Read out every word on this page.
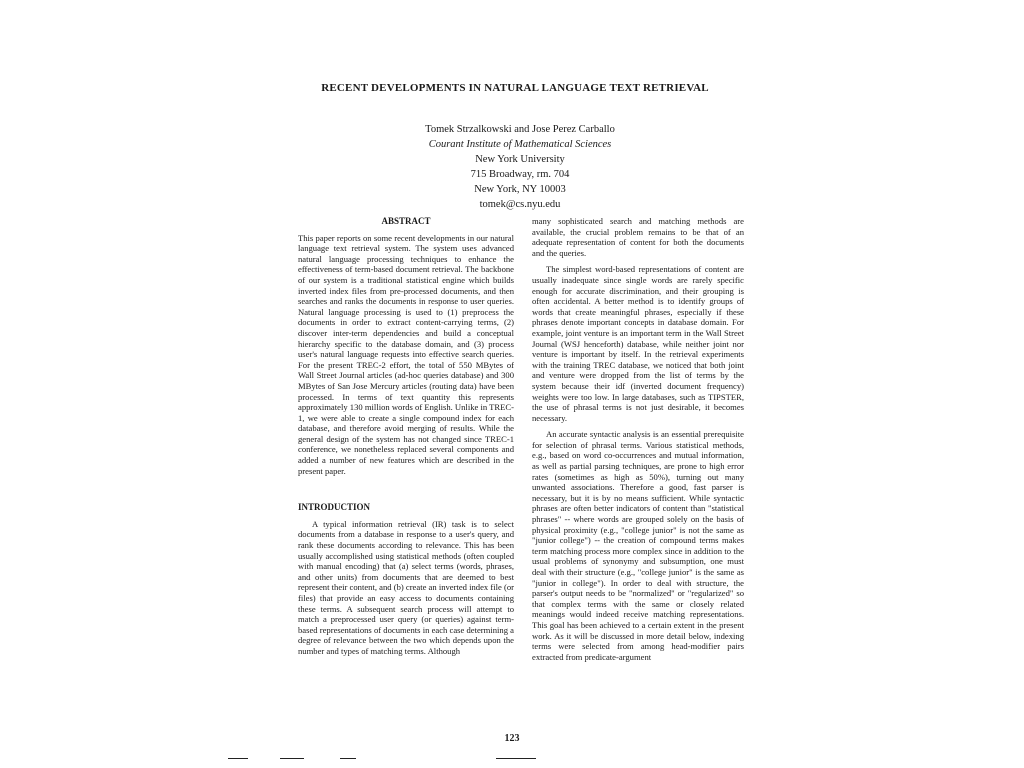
RECENT DEVELOPMENTS IN NATURAL LANGUAGE TEXT RETRIEVAL
Tomek Strzalkowski and Jose Perez Carballo
Courant Institute of Mathematical Sciences
New York University
715 Broadway, rm. 704
New York, NY 10003
tomek@cs.nyu.edu
ABSTRACT

This paper reports on some recent developments in our natural language text retrieval system. The system uses advanced natural language processing techniques to enhance the effectiveness of term-based document retrieval. The backbone of our system is a traditional statistical engine which builds inverted index files from pre-processed documents, and then searches and ranks the documents in response to user queries. Natural language processing is used to (1) preprocess the documents in order to extract content-carrying terms, (2) discover inter-term dependencies and build a conceptual hierarchy specific to the database domain, and (3) process user's natural language requests into effective search queries. For the present TREC-2 effort, the total of 550 MBytes of Wall Street Journal articles (ad-hoc queries database) and 300 MBytes of San Jose Mercury articles (routing data) have been processed. In terms of text quantity this represents approximately 130 million words of English. Unlike in TREC-1, we were able to create a single compound index for each database, and therefore avoid merging of results. While the general design of the system has not changed since TREC-1 conference, we nonetheless replaced several components and added a number of new features which are described in the present paper.

INTRODUCTION

A typical information retrieval (IR) task is to select documents from a database in response to a user's query, and rank these documents according to relevance. This has been usually accomplished using statistical methods (often coupled with manual encoding) that (a) select terms (words, phrases, and other units) from documents that are deemed to best represent their content, and (b) create an inverted index file (or files) that provide an easy access to documents containing these terms. A subsequent search process will attempt to match a preprocessed user query (or queries) against term-based representations of documents in each case determining a degree of relevance between the two which depends upon the number and types of matching terms. Although

many sophisticated search and matching methods are available, the crucial problem remains to be that of an adequate representation of content for both the documents and the queries.

The simplest word-based representations of content are usually inadequate since single words are rarely specific enough for accurate discrimination, and their grouping is often accidental. A better method is to identify groups of words that create meaningful phrases, especially if these phrases denote important concepts in database domain. For example, joint venture is an important term in the Wall Street Journal (WSJ henceforth) database, while neither joint nor venture is important by itself. In the retrieval experiments with the training TREC database, we noticed that both joint and venture were dropped from the list of terms by the system because their idf (inverted document frequency) weights were too low. In large databases, such as TIPSTER, the use of phrasal terms is not just desirable, it becomes necessary.

An accurate syntactic analysis is an essential prerequisite for selection of phrasal terms. Various statistical methods, e.g., based on word co-occurrences and mutual information, as well as partial parsing techniques, are prone to high error rates (sometimes as high as 50%), turning out many unwanted associations. Therefore a good, fast parser is necessary, but it is by no means sufficient. While syntactic phrases are often better indicators of content than "statistical phrases" -- where words are grouped solely on the basis of physical proximity (e.g., "college junior" is not the same as "junior college") -- the creation of compound terms makes term matching process more complex since in addition to the usual problems of synonymy and subsumption, one must deal with their structure (e.g., "college junior" is the same as "junior in college"). In order to deal with structure, the parser's output needs to be "normalized" or "regularized" so that complex terms with the same or closely related meanings would indeed receive matching representations. This goal has been achieved to a certain extent in the present work. As it will be discussed in more detail below, indexing terms were selected from among head-modifier pairs extracted from predicate-argument

123
